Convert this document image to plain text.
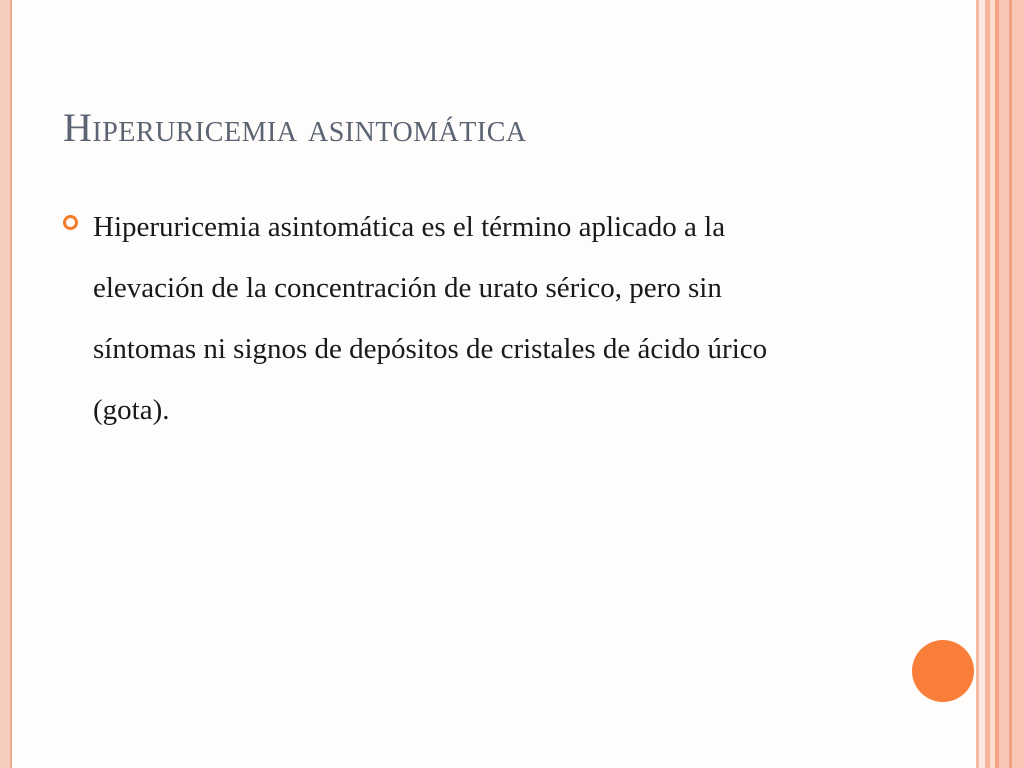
Hiperuricemia asintomática

Hiperuricemia asintomática es el término aplicado a la elevación de la concentración de urato sérico, pero sin síntomas ni signos de depósitos de cristales de ácido úrico (gota).
